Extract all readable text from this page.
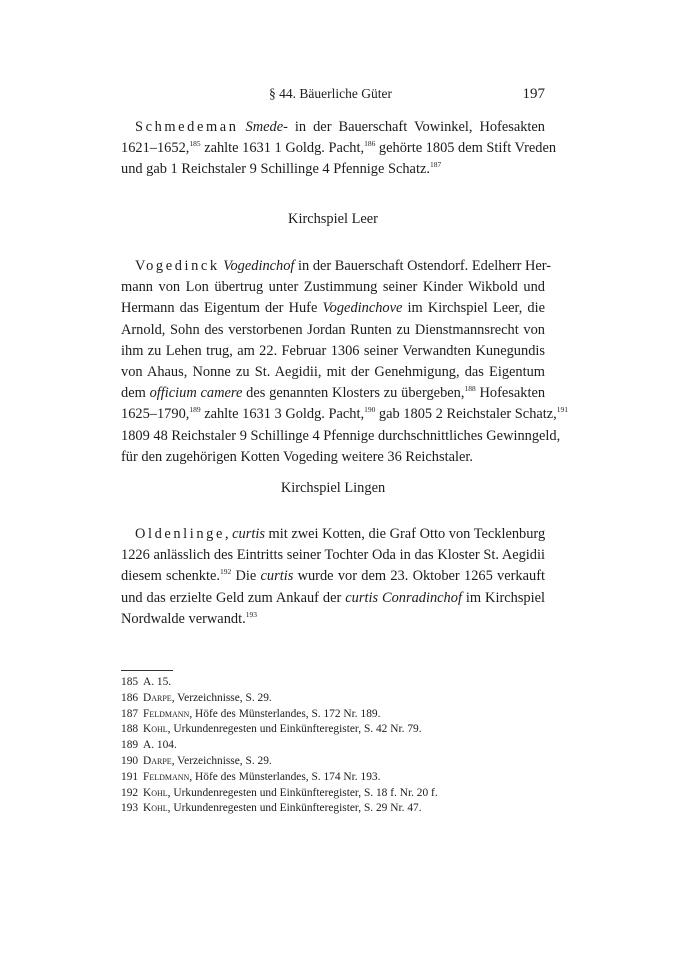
§ 44. Bäuerliche Güter	197
Schmedeman Smede- in der Bauerschaft Vowinkel, Hofesakten
1621–1652,$^{185}$ zahlte 1631 1 Goldg. Pacht,$^{186}$ gehörte 1805 dem Stift Vreden
und gab 1 Reichstaler 9 Schillinge 4 Pfennige Schatz.$^{187}$
Kirchspiel Leer
Vogedinck Vogedinchof in der Bauerschaft Ostendorf. Edelherr Her-
mann von Lon übertrug unter Zustimmung seiner Kinder Wikbold und
Hermann das Eigentum der Hufe Vogedinchove im Kirchspiel Leer, die
Arnold, Sohn des verstorbenen Jordan Runten zu Dienstmannsrecht von
ihm zu Lehen trug, am 22. Februar 1306 seiner Verwandten Kunegundis
von Ahaus, Nonne zu St. Aegidii, mit der Genehmigung, das Eigentum
dem officium camere des genannten Klosters zu übergeben,$^{188}$ Hofesakten
1625–1790,$^{189}$ zahlte 1631 3 Goldg. Pacht,$^{190}$ gab 1805 2 Reichstaler Schatz,$^{191}$
1809 48 Reichstaler 9 Schillinge 4 Pfennige durchschnittliches Gewinngeld,
für den zugehörigen Kotten Vogeding weitere 36 Reichstaler.
Kirchspiel Lingen
Oldenlinge, curtis mit zwei Kotten, die Graf Otto von Tecklenburg
1226 anlässlich des Eintritts seiner Tochter Oda in das Kloster St. Aegidii
diesem schenkte.$^{192}$ Die curtis wurde vor dem 23. Oktober 1265 verkauft
und das erzielte Geld zum Ankauf der curtis Conradinchof im Kirchspiel
Nordwalde verwandt.$^{193}$
185 A. 15.
186 Darpe, Verzeichnisse, S. 29.
187 Feldmann, Höfe des Münsterlandes, S. 172 Nr. 189.
188 Kohl, Urkundenregesten und Einkünfteregister, S. 42 Nr. 79.
189 A. 104.
190 Darpe, Verzeichnisse, S. 29.
191 Feldmann, Höfe des Münsterlandes, S. 174 Nr. 193.
192 Kohl, Urkundenregesten und Einkünfteregister, S. 18 f. Nr. 20 f.
193 Kohl, Urkundenregesten und Einkünfteregister, S. 29 Nr. 47.
